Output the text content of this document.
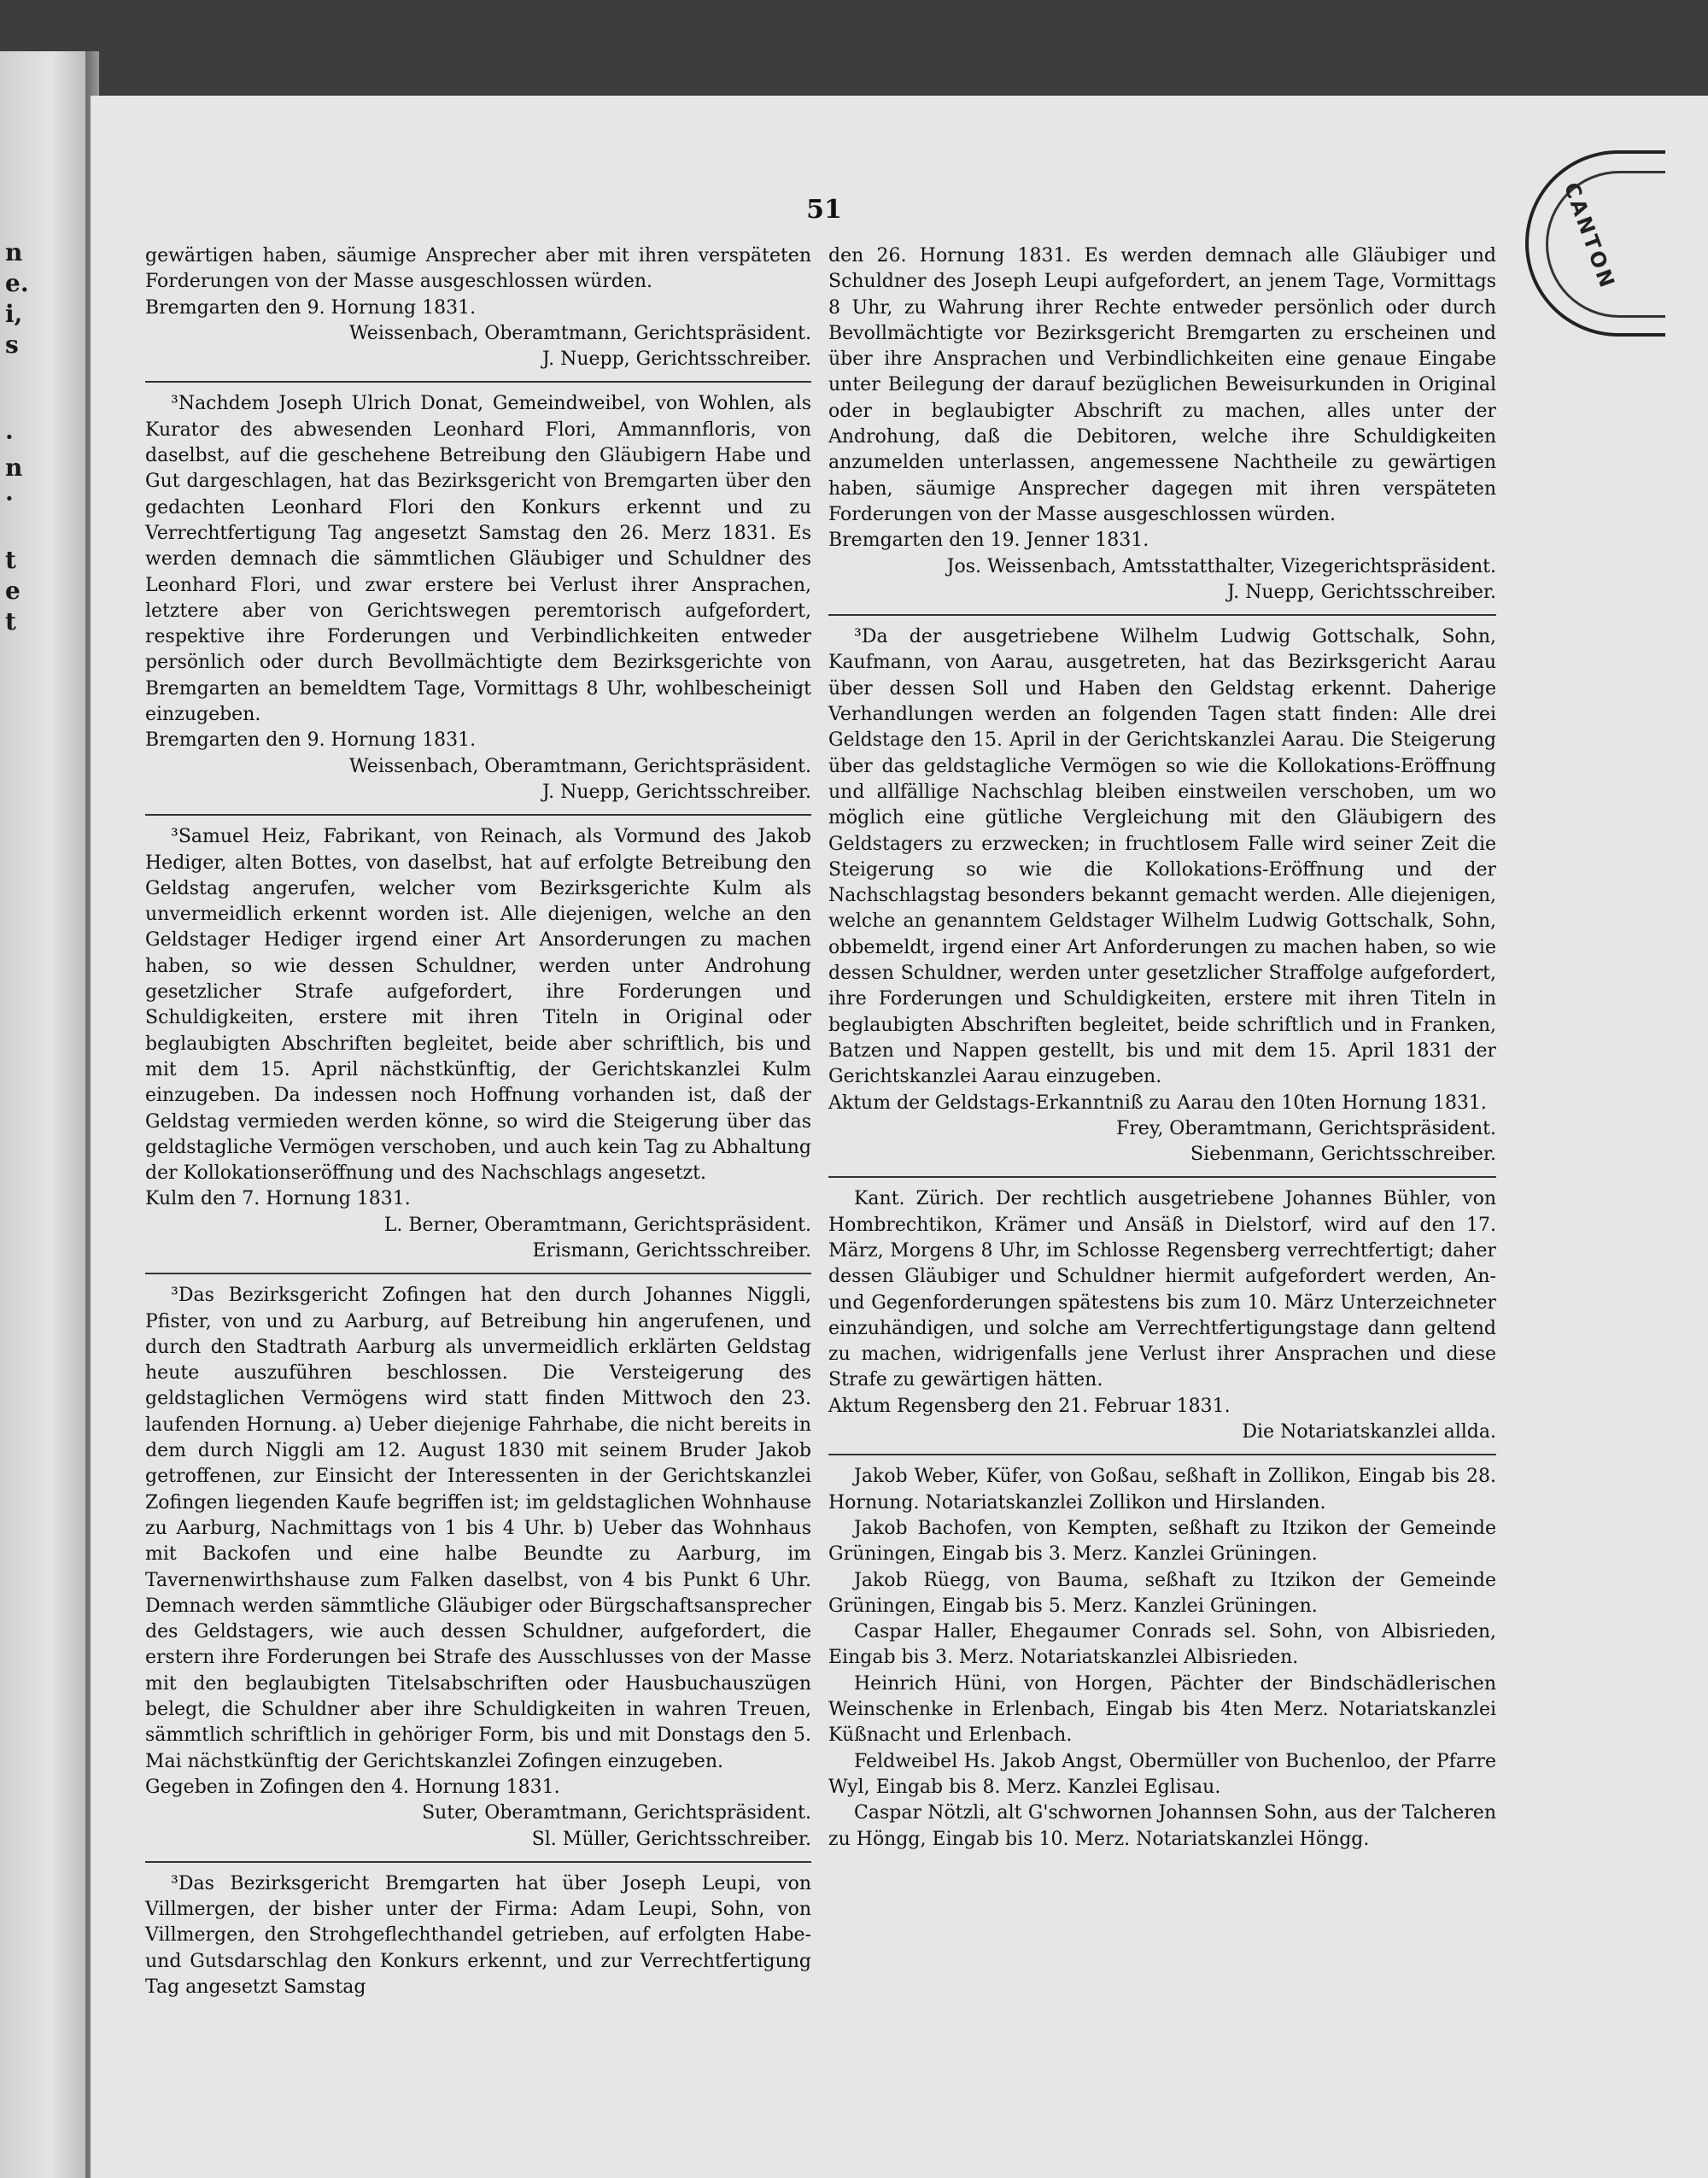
n
e.
i,
s
·
n
·
t
e
t
CANTON
51

gewärtigen haben, säumige Ansprecher aber mit ihren verspäteten Forderungen von der Masse ausgeschlossen würden.

Bremgarten den 9. Hornung 1831.

Weissenbach, Oberamtmann, Gerichtspräsident.

J. Nuepp, Gerichtsschreiber.

³Nachdem Joseph Ulrich Donat, Gemeindweibel, von Wohlen, als Kurator des abwesenden Leonhard Flori, Ammannfloris, von daselbst, auf die geschehene Betreibung den Gläubigern Habe und Gut dargeschlagen, hat das Bezirksgericht von Bremgarten über den gedachten Leonhard Flori den Konkurs erkennt und zu Verrechtfertigung Tag angesetzt Samstag den 26. Merz 1831. Es werden demnach die sämmtlichen Gläubiger und Schuldner des Leonhard Flori, und zwar erstere bei Verlust ihrer Ansprachen, letztere aber von Gerichtswegen peremtorisch aufgefordert, respektive ihre Forderungen und Verbindlichkeiten entweder persönlich oder durch Bevollmächtigte dem Bezirksgerichte von Bremgarten an bemeldtem Tage, Vormittags 8 Uhr, wohlbescheinigt einzugeben.

Bremgarten den 9. Hornung 1831.

Weissenbach, Oberamtmann, Gerichtspräsident.

J. Nuepp, Gerichtsschreiber.

³Samuel Heiz, Fabrikant, von Reinach, als Vormund des Jakob Hediger, alten Bottes, von daselbst, hat auf erfolgte Betreibung den Geldstag angerufen, welcher vom Bezirksgerichte Kulm als unvermeidlich erkennt worden ist. Alle diejenigen, welche an den Geldstager Hediger irgend einer Art Ansorderungen zu machen haben, so wie dessen Schuldner, werden unter Androhung gesetzlicher Strafe aufgefordert, ihre Forderungen und Schuldigkeiten, erstere mit ihren Titeln in Original oder beglaubigten Abschriften begleitet, beide aber schriftlich, bis und mit dem 15. April nächstkünftig, der Gerichtskanzlei Kulm einzugeben. Da indessen noch Hoffnung vorhanden ist, daß der Geldstag vermieden werden könne, so wird die Steigerung über das geldstagliche Vermögen verschoben, und auch kein Tag zu Abhaltung der Kollokationseröffnung und des Nachschlags angesetzt.

Kulm den 7. Hornung 1831.

L. Berner, Oberamtmann, Gerichtspräsident.

Erismann, Gerichtsschreiber.

³Das Bezirksgericht Zofingen hat den durch Johannes Niggli, Pfister, von und zu Aarburg, auf Betreibung hin angerufenen, und durch den Stadtrath Aarburg als unvermeidlich erklärten Geldstag heute auszuführen beschlossen. Die Versteigerung des geldstaglichen Vermögens wird statt finden Mittwoch den 23. laufenden Hornung. a) Ueber diejenige Fahrhabe, die nicht bereits in dem durch Niggli am 12. August 1830 mit seinem Bruder Jakob getroffenen, zur Einsicht der Interessenten in der Gerichtskanzlei Zofingen liegenden Kaufe begriffen ist; im geldstaglichen Wohnhause zu Aarburg, Nachmittags von 1 bis 4 Uhr. b) Ueber das Wohnhaus mit Backofen und eine halbe Beundte zu Aarburg, im Tavernenwirthshause zum Falken daselbst, von 4 bis Punkt 6 Uhr. Demnach werden sämmtliche Gläubiger oder Bürgschaftsansprecher des Geldstagers, wie auch dessen Schuldner, aufgefordert, die erstern ihre Forderungen bei Strafe des Ausschlusses von der Masse mit den beglaubigten Titelsabschriften oder Hausbuchauszügen belegt, die Schuldner aber ihre Schuldigkeiten in wahren Treuen, sämmtlich schriftlich in gehöriger Form, bis und mit Donstags den 5. Mai nächstkünftig der Gerichtskanzlei Zofingen einzugeben.

Gegeben in Zofingen den 4. Hornung 1831.

Suter, Oberamtmann, Gerichtspräsident.

Sl. Müller, Gerichtsschreiber.

³Das Bezirksgericht Bremgarten hat über Joseph Leupi, von Villmergen, der bisher unter der Firma: Adam Leupi, Sohn, von Villmergen, den Strohgeflechthandel getrieben, auf erfolgten Habe- und Gutsdarschlag den Konkurs erkennt, und zur Verrechtfertigung Tag angesetzt Samstag

den 26. Hornung 1831. Es werden demnach alle Gläubiger und Schuldner des Joseph Leupi aufgefordert, an jenem Tage, Vormittags 8 Uhr, zu Wahrung ihrer Rechte entweder persönlich oder durch Bevollmächtigte vor Bezirksgericht Bremgarten zu erscheinen und über ihre Ansprachen und Verbindlichkeiten eine genaue Eingabe unter Beilegung der darauf bezüglichen Beweisurkunden in Original oder in beglaubigter Abschrift zu machen, alles unter der Androhung, daß die Debitoren, welche ihre Schuldigkeiten anzumelden unterlassen, angemessene Nachtheile zu gewärtigen haben, säumige Ansprecher dagegen mit ihren verspäteten Forderungen von der Masse ausgeschlossen würden.

Bremgarten den 19. Jenner 1831.

Jos. Weissenbach, Amtsstatthalter, Vizegerichtspräsident.

J. Nuepp, Gerichtsschreiber.

³Da der ausgetriebene Wilhelm Ludwig Gottschalk, Sohn, Kaufmann, von Aarau, ausgetreten, hat das Bezirksgericht Aarau über dessen Soll und Haben den Geldstag erkennt. Daherige Verhandlungen werden an folgenden Tagen statt finden: Alle drei Geldstage den 15. April in der Gerichtskanzlei Aarau. Die Steigerung über das geldstagliche Vermögen so wie die Kollokations-Eröffnung und allfällige Nachschlag bleiben einstweilen verschoben, um wo möglich eine gütliche Vergleichung mit den Gläubigern des Geldstagers zu erzwecken; in fruchtlosem Falle wird seiner Zeit die Steigerung so wie die Kollokations-Eröffnung und der Nachschlagstag besonders bekannt gemacht werden. Alle diejenigen, welche an genanntem Geldstager Wilhelm Ludwig Gottschalk, Sohn, obbemeldt, irgend einer Art Anforderungen zu machen haben, so wie dessen Schuldner, werden unter gesetzlicher Straffolge aufgefordert, ihre Forderungen und Schuldigkeiten, erstere mit ihren Titeln in beglaubigten Abschriften begleitet, beide schriftlich und in Franken, Batzen und Nappen gestellt, bis und mit dem 15. April 1831 der Gerichtskanzlei Aarau einzugeben.

Aktum der Geldstags-Erkanntniß zu Aarau den 10ten Hornung 1831.

Frey, Oberamtmann, Gerichtspräsident.

Siebenmann, Gerichtsschreiber.

Kant. Zürich. Der rechtlich ausgetriebene Johannes Bühler, von Hombrechtikon, Krämer und Ansäß in Dielstorf, wird auf den 17. März, Morgens 8 Uhr, im Schlosse Regensberg verrechtfertigt; daher dessen Gläubiger und Schuldner hiermit aufgefordert werden, An- und Gegenforderungen spätestens bis zum 10. März Unterzeichneter einzuhändigen, und solche am Verrechtfertigungstage dann geltend zu machen, widrigenfalls jene Verlust ihrer Ansprachen und diese Strafe zu gewärtigen hätten.

Aktum Regensberg den 21. Februar 1831.

Die Notariatskanzlei allda.

Jakob Weber, Küfer, von Goßau, seßhaft in Zollikon, Eingab bis 28. Hornung. Notariatskanzlei Zollikon und Hirslanden.

Jakob Bachofen, von Kempten, seßhaft zu Itzikon der Gemeinde Grüningen, Eingab bis 3. Merz. Kanzlei Grüningen.

Jakob Rüegg, von Bauma, seßhaft zu Itzikon der Gemeinde Grüningen, Eingab bis 5. Merz. Kanzlei Grüningen.

Caspar Haller, Ehegaumer Conrads sel. Sohn, von Albisrieden, Eingab bis 3. Merz. Notariatskanzlei Albisrieden.

Heinrich Hüni, von Horgen, Pächter der Bindschädlerischen Weinschenke in Erlenbach, Eingab bis 4ten Merz. Notariatskanzlei Küßnacht und Erlenbach.

Feldweibel Hs. Jakob Angst, Obermüller von Buchenloo, der Pfarre Wyl, Eingab bis 8. Merz. Kanzlei Eglisau.

Caspar Nötzli, alt G'schwornen Johannsen Sohn, aus der Talcheren zu Höngg, Eingab bis 10. Merz. Notariatskanzlei Höngg.
